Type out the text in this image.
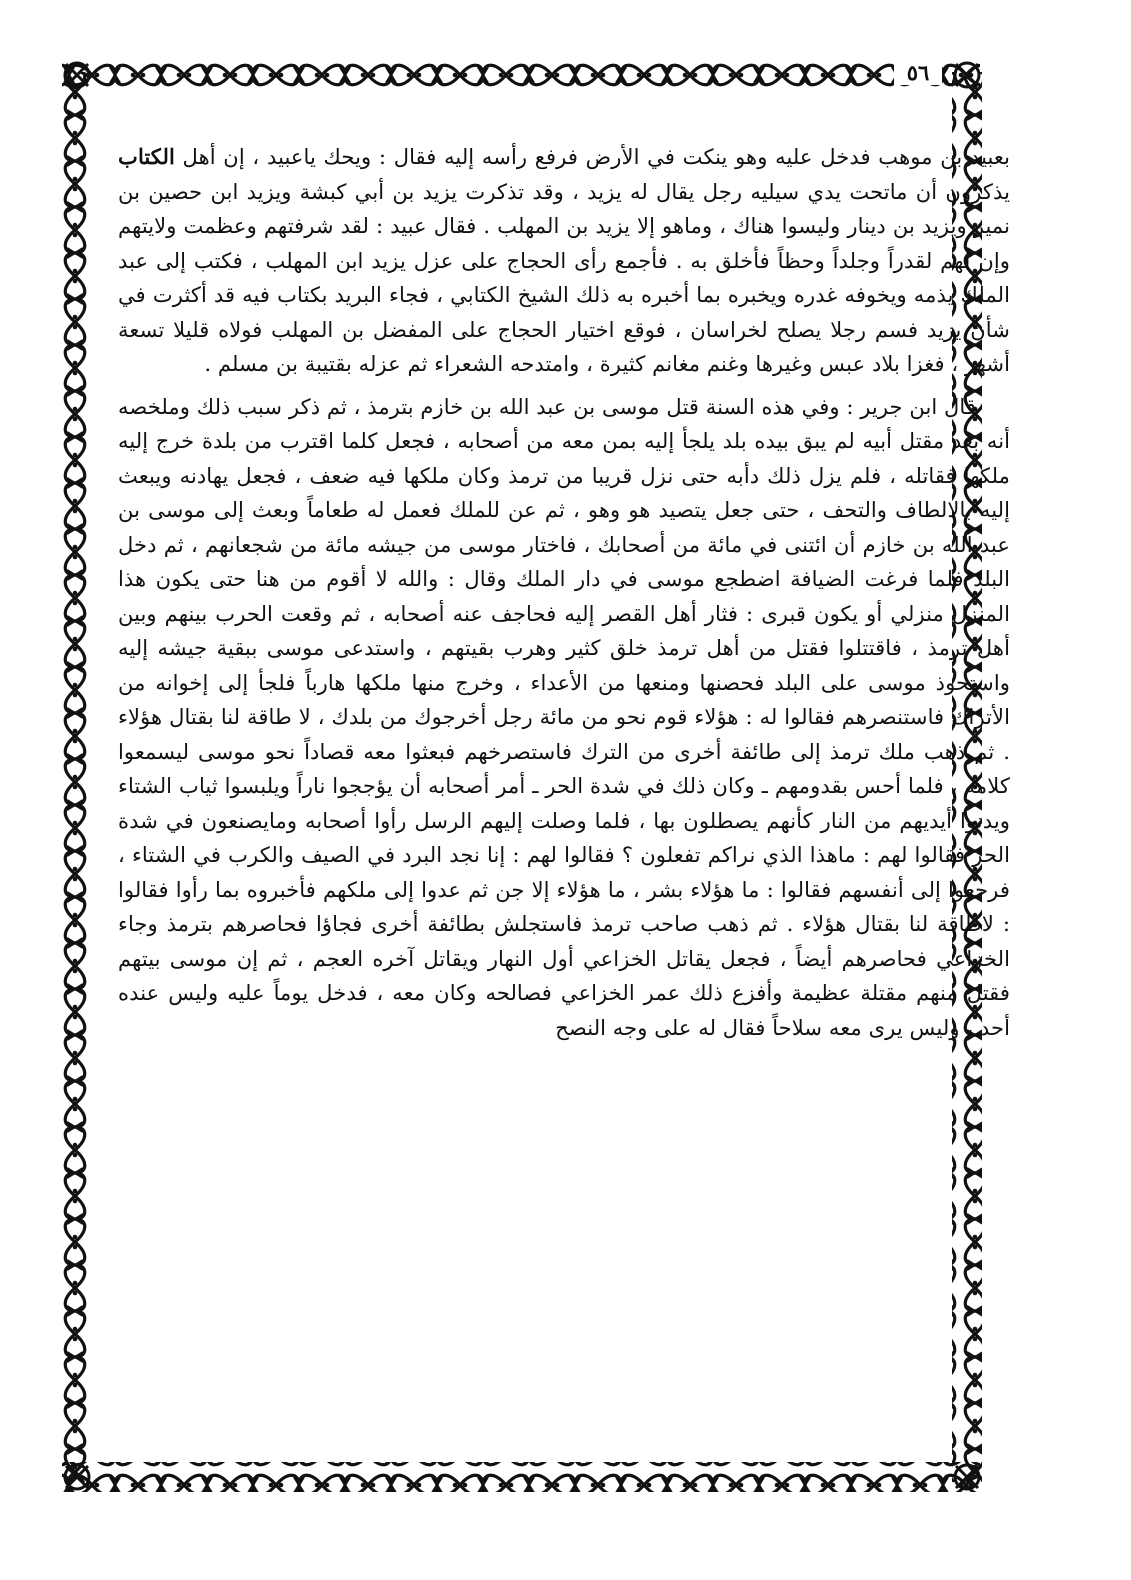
٥٦

بعبيد بن موهب فدخل عليه وهو ينكت في الأرض فرفع رأسه إليه فقال : ويحك ياعبيد ، إن أهل الكتاب يذكرون أن ماتحت يدي سيليه رجل يقال له يزيد ، وقد تذكرت يزيد بن أبي كبشة ويزيد ابن حصين بن نمير ويزيد بن دينار وليسوا هناك ، وماهو إلا يزيد بن المهلب . فقال عبيد : لقد شرفتهم وعظمت ولايتهم وإن لهم لقدراً وجلداً وحظاً فأخلق به . فأجمع رأى الحجاج على عزل يزيد ابن المهلب ، فكتب إلى عبد الملك يذمه ويخوفه غدره ويخبره بما أخبره به ذلك الشيخ الكتابي ، فجاء البريد بكتاب فيه قد أكثرت في شأن يزيد فسم رجلا يصلح لخراسان ، فوقع اختيار الحجاج على المفضل بن المهلب فولاه قليلا تسعة أشهر ، فغزا بلاد عبس وغيرها وغنم مغانم كثيرة ، وامتدحه الشعراء ثم عزله بقتيبة بن مسلم .

قال ابن جرير : وفي هذه السنة قتل موسى بن عبد الله بن خازم بترمذ ، ثم ذكر سبب ذلك وملخصه أنه بعد مقتل أبيه لم يبق بيده بلد يلجأ إليه بمن معه من أصحابه ، فجعل كلما اقترب من بلدة خرج إليه ملكها فقاتله ، فلم يزل ذلك دأبه حتى نزل قريبا من ترمذ وكان ملكها فيه ضعف ، فجعل يهادنه ويبعث إليه بالالطاف والتحف ، حتى جعل يتصيد هو وهو ، ثم عن للملك فعمل له طعاماً وبعث إلى موسى بن عبد الله بن خازم أن ائتنى في مائة من أصحابك ، فاختار موسى من جيشه مائة من شجعانهم ، ثم دخل البلد فلما فرغت الضيافة اضطجع موسى في دار الملك وقال : والله لا أقوم من هنا حتى يكون هذا المنزل منزلي أو يكون قبرى : فثار أهل القصر إليه فحاجف عنه أصحابه ، ثم وقعت الحرب بينهم وبين أهل ترمذ ، فاقتتلوا فقتل من أهل ترمذ خلق كثير وهرب بقيتهم ، واستدعى موسى ببقية جيشه إليه واستحوذ موسى على البلد فحصنها ومنعها من الأعداء ، وخرج منها ملكها هارباً فلجأ إلى إخوانه من الأتراك فاستنصرهم فقالوا له : هؤلاء قوم نحو من مائة رجل أخرجوك من بلدك ، لا طاقة لنا بقتال هؤلاء . ثم ذهب ملك ترمذ إلى طائفة أخرى من الترك فاستصرخهم فبعثوا معه قصاداً نحو موسى ليسمعوا كلامه ، فلما أحس بقدومهم ـ وكان ذلك في شدة الحر ـ أمر أصحابه أن يؤججوا ناراً ويلبسوا ثياب الشتاء ويدنوا أيديهم من النار كأنهم يصطلون بها ، فلما وصلت إليهم الرسل رأوا أصحابه ومايصنعون في شدة الحر فقالوا لهم : ماهذا الذي نراكم تفعلون ؟ فقالوا لهم : إنا نجد البرد في الصيف والكرب في الشتاء ، فرجعوا إلى أنفسهم فقالوا : ما هؤلاء بشر ، ما هؤلاء إلا جن ثم عدوا إلى ملكهم فأخبروه بما رأوا فقالوا : لاطاقة لنا بقتال هؤلاء . ثم ذهب صاحب ترمذ فاستجلش بطائفة أخرى فجاؤا فحاصرهم بترمذ وجاء الخزاعي فحاصرهم أيضاً ، فجعل يقاتل الخزاعي أول النهار ويقاتل آخره العجم ، ثم إن موسى بيتهم فقتل منهم مقتلة عظيمة وأفزع ذلك عمر الخزاعي فصالحه وكان معه ، فدخل يوماً عليه وليس عنده أحد ، وليس يرى معه سلاحاً فقال له على وجه النصح
